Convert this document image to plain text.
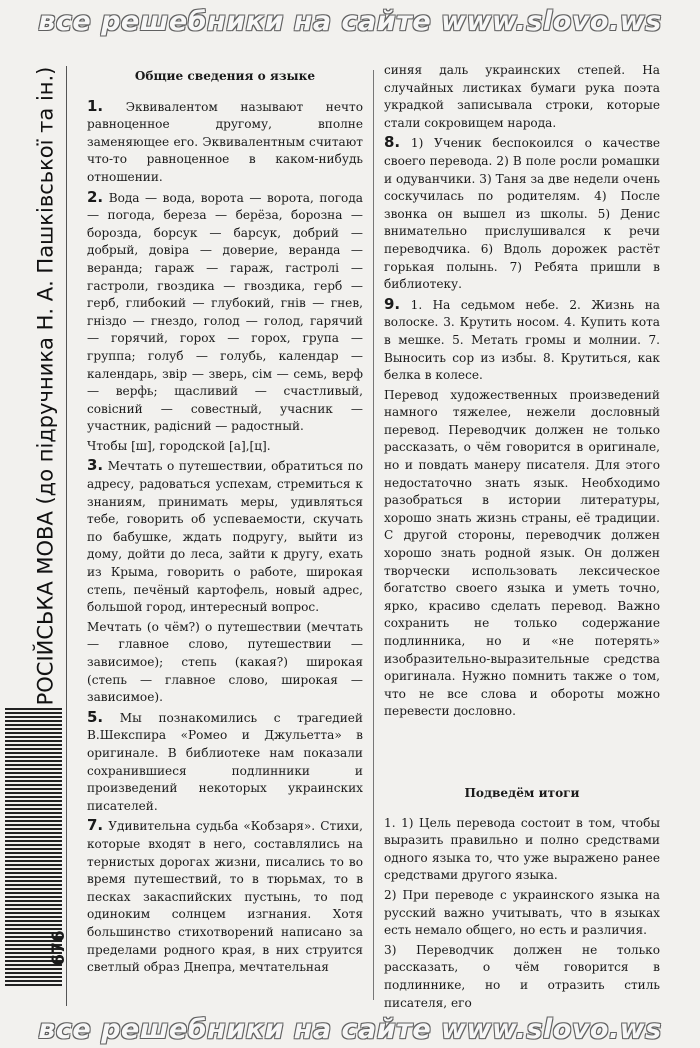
все решебники на сайте www.slovo.ws
РОСІЙСЬКА МОВА (до підручника Н. А. Пашківської та ін.)
676
Общие сведения о языке

1. Эквивалентом называют нечто равноценное другому, вполне заменяющее его. Эквивалентным считают что-то равноценное в каком-нибудь отношении.

2. Вода — вода, ворота — ворота, погода — погода, береза — берёза, борозна — борозда, борсук — барсук, добрий — добрый, довіра — доверие, веранда — веранда; гараж — гараж, гастролі — гастроли, гвоздика — гвоздика, герб — герб, глибокий — глубокий, гнів — гнев, гніздо — гнездо, голод — голод, гарячий — горячий, горох — горох, група — группа; голуб — голубь, календар — календарь, звір — зверь, сім — семь, верф — верфь; щасливий — счастливый, совісний — совестный, учасник — участник, радісний — радостный.

Чтобы [ш], городской [а],[ц].

3. Мечтать о путешествии, обратиться по адресу, радоваться успехам, стремиться к знаниям, принимать меры, удивляться тебе, говорить об успеваемости, скучать по бабушке, ждать подругу, выйти из дому, дойти до леса, зайти к другу, ехать из Крыма, говорить о работе, широкая степь, печёный картофель, новый адрес, большой город, интересный вопрос.

Мечтать (о чём?) о путешествии (мечтать — главное слово, путешествии — зависимое); степь (какая?) широкая (степь — главное слово, широкая — зависимое).

5. Мы познакомились с трагедией В.Шекспира «Ромео и Джульетта» в оригинале. В библиотеке нам показали сохранившиеся подлинники и произведений некоторых украинских писателей.

7. Удивительна судьба «Кобзаря». Стихи, которые входят в него, составлялись на тернистых дорогах жизни, писались то во время путешествий, то в тюрьмах, то в песках закаспийских пустынь, то под одиноким солнцем изгнания. Хотя большинство стихотворений написано за пределами родного края, в них струится светлый образ Днепра, мечтательная

синяя даль украинских степей. На случайных листиках бумаги рука поэта украдкой записывала строки, которые стали сокровищем народа.

8. 1) Ученик беспокоился о качестве своего перевода. 2) В поле росли ромашки и одуванчики. 3) Таня за две недели очень соскучилась по родителям. 4) После звонка он вышел из школы. 5) Денис внимательно прислушивался к речи переводчика. 6) Вдоль дорожек растёт горькая полынь. 7) Ребята пришли в библиотеку.

9. 1. На седьмом небе. 2. Жизнь на волоске. 3. Крутить носом. 4. Купить кота в мешке. 5. Метать громы и молнии. 7. Выносить сор из избы. 8. Крутиться, как белка в колесе.

Перевод художественных произведений намного тяжелее, нежели дословный перевод. Переводчик должен не только рассказать, о чём говорится в оригинале, но и повдать манеру писателя. Для этого недостаточно знать язык. Необходимо разобраться в истории литературы, хорошо знать жизнь страны, её традиции. С другой стороны, переводчик должен хорошо знать родной язык. Он должен творчески использовать лексическое богатство своего языка и уметь точно, ярко, красиво сделать перевод. Важно сохранить не только содержание подлинника, но и «не потерять» изобразительно-выразительные средства оригинала. Нужно помнить также о том, что не все слова и обороты можно перевести дословно.

Подведём итоги

1. 1) Цель перевода состоит в том, чтобы выразить правильно и полно средствами одного языка то, что уже выражено ранее средствами другого языка.

2) При переводе с украинского языка на русский важно учитывать, что в языках есть немало общего, но есть и различия.

3) Переводчик должен не только рассказать, о чём говорится в подлиннике, но и отразить стиль писателя, его

все решебники на сайте www.slovo.ws
